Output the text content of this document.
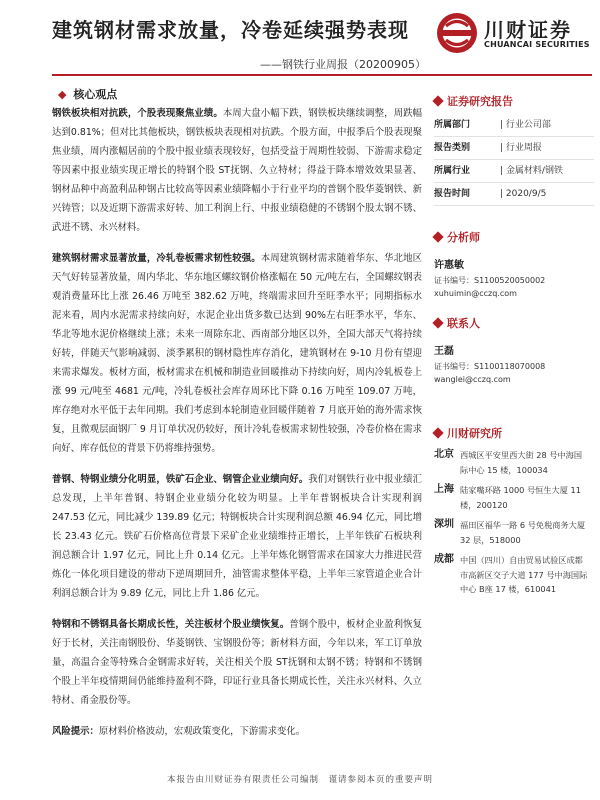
建筑钢材需求放量，冷卷延续强势表现	川财证券
CHUANCAI SECURITIES
——钢铁行业周报（20200905）
◆ 核心观点

钢铁板块相对抗跌，个股表现聚焦业绩。本周大盘小幅下跌，钢铁板块继续调整，周跌幅达到0.81%；但对比其他板块，钢铁板块表现相对抗跌。个股方面，中报季后个股表现聚焦业绩，周内涨幅居前的个股中报业绩表现较好，包括受益于周期性较弱、下游需求稳定等因素中报业绩实现正增长的特钢个股 ST抚钢、久立特材；得益于降本增效效果显著、钢材品种中高盈利品种钢占比较高等因素业绩降幅小于行业平均的普钢个股华菱钢铁、新兴铸管；以及近期下游需求好转、加工利润上行、中报业绩稳健的不锈钢个股太钢不锈、武进不锈、永兴材料。

建筑钢材需求显著放量，冷轧卷板需求韧性较强。本周建筑钢材需求随着华东、华北地区天气好转显著放量，周内华北、华东地区螺纹钢价格涨幅在 50 元/吨左右，全国螺纹钢表观消费量环比上涨 26.46 万吨至 382.62 万吨，终端需求回升至旺季水平；同期指标水泥来看，周内水泥需求持续向好，水泥企业出货多数已达到 90%左右旺季水平，华东、华北等地水泥价格继续上涨；未来一周除东北、西南部分地区以外，全国大部天气将持续好转，伴随天气影响减弱、淡季累积的钢材隐性库存消化，建筑钢材在 9-10 月份有望迎来需求爆发。板材方面，板材需求在机械和制造业回暖推动下持续向好，周内冷轧板卷上涨 99 元/吨至 4681 元/吨，冷轧卷板社会库存周环比下降 0.16 万吨至 109.07 万吨，库存绝对水平低于去年同期。我们考虑到本轮制造业回暖伴随着 7 月底开始的海外需求恢复，且微观层面钢厂 9 月订单状况仍较好，预计冷轧卷板需求韧性较强，冷卷价格在需求向好、库存低位的背景下仍将维持强势。

普钢、特钢业绩分化明显，铁矿石企业、钢管企业业绩向好。我们对钢铁行业中报业绩汇总发现，上半年普钢、特钢企业业绩分化较为明显。上半年普钢板块合计实现利润 247.53 亿元，同比减少 139.89 亿元；特钢板块合计实现利润总额 46.94 亿元，同比增长 23.43 亿元。铁矿石价格高位背景下采矿企业业绩维持正增长，上半年铁矿石板块利润总额合计 1.97 亿元，同比上升 0.14 亿元。上半年炼化钢管需求在国家大力推进民营炼化一体化项目建设的带动下逆周期回升，油管需求整体平稳，上半年三家管道企业合计利润总额合计为 9.89 亿元，同比上升 1.86 亿元。

特钢和不锈钢具备长期成长性，关注板材个股业绩恢复。普钢个股中，板材企业盈利恢复好于长材，关注南钢股份、华菱钢铁、宝钢股份等；新材料方面，今年以来，军工订单放量，高温合金等特殊合金钢需求好转，关注相关个股 ST抚钢和太钢不锈；特钢和不锈钢个股上半年疫情期间仍能维持盈利不降，印证行业具备长期成长性，关注永兴材料、久立特材、甬金股份等。

风险提示：原材料价格波动，宏观政策变化，下游需求变化。

证券研究报告
所属部门	| 行业公司部
报告类别	| 行业周报
所属行业	| 金属材料/钢铁
报告时间	| 2020/9/5
分析师
许惠敏
证书编号：S1100520050002
xuhuimin@cczq.com
联系人
王磊
证书编号：S1100118070008
wanglei@cczq.com
川财研究所
北京 西城区平安里西大街 28 号中海国际中心 15 楼，100034
上海 陆家嘴环路 1000 号恒生大厦 11 楼，200120
深圳 福田区福华一路 6 号免税商务大厦 32 层，518000
成都 中国（四川）自由贸易试验区成都市高新区交子大道 177 号中海国际中心 B座 17 楼，610041
本报告由川财证券有限责任公司编制　谨请参阅本页的重要声明
